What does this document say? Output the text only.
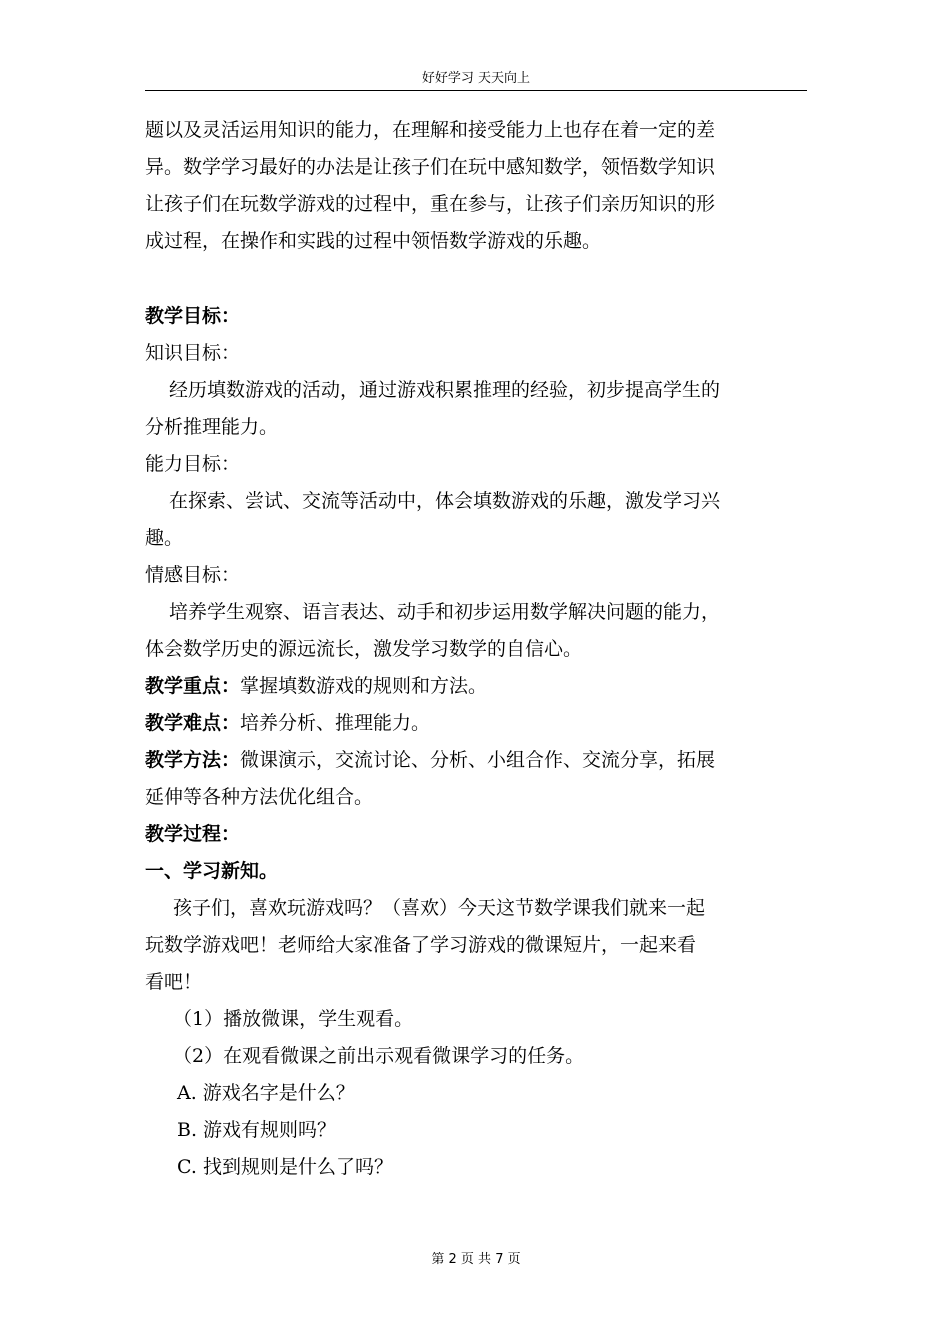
好好学习 天天向上

题以及灵活运用知识的能力，在理解和接受能力上也存在着一定的差

异。数学学习最好的办法是让孩子们在玩中感知数学，领悟数学知识

让孩子们在玩数学游戏的过程中，重在参与，让孩子们亲历知识的形

成过程，在操作和实践的过程中领悟数学游戏的乐趣。

教学目标：

知识目标：

经历填数游戏的活动，通过游戏积累推理的经验，初步提高学生的

分析推理能力。

能力目标：

在探索、尝试、交流等活动中，体会填数游戏的乐趣，激发学习兴

趣。

情感目标：

培养学生观察、语言表达、动手和初步运用数学解决问题的能力，

体会数学历史的源远流长，激发学习数学的自信心。

教学重点：掌握填数游戏的规则和方法。

教学难点：培养分析、推理能力。

教学方法：微课演示，交流讨论、分析、小组合作、交流分享，拓展

延伸等各种方法优化组合。

教学过程：

一、学习新知。

孩子们，喜欢玩游戏吗？（喜欢）今天这节数学课我们就来一起

玩数学游戏吧！老师给大家准备了学习游戏的微课短片，一起来看

看吧！

（1）播放微课，学生观看。

（2）在观看微课之前出示观看微课学习的任务。

A. 游戏名字是什么？

B. 游戏有规则吗？

C. 找到规则是什么了吗？

第 2 页 共 7 页
